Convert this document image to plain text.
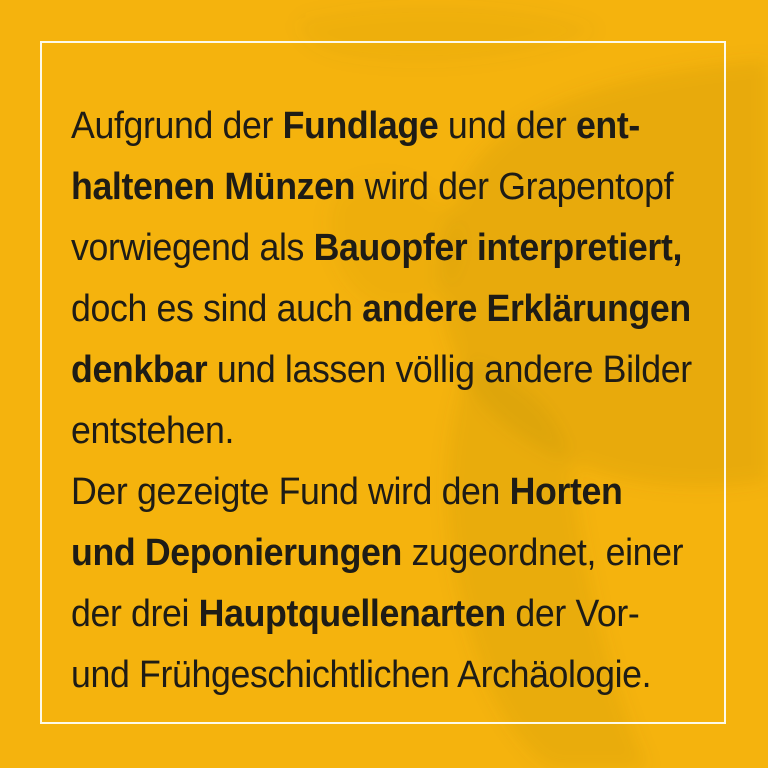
Aufgrund der Fundlage und der ent-
haltenen Münzen wird der Grapentopf
vorwiegend als Bauopfer interpretiert,
doch es sind auch andere Erklärungen
denkbar und lassen völlig andere Bilder
entstehen.
Der gezeigte Fund wird den Horten
und Deponierungen zugeordnet, einer
der drei Hauptquellenarten der Vor-
und Frühgeschichtlichen Archäologie.
